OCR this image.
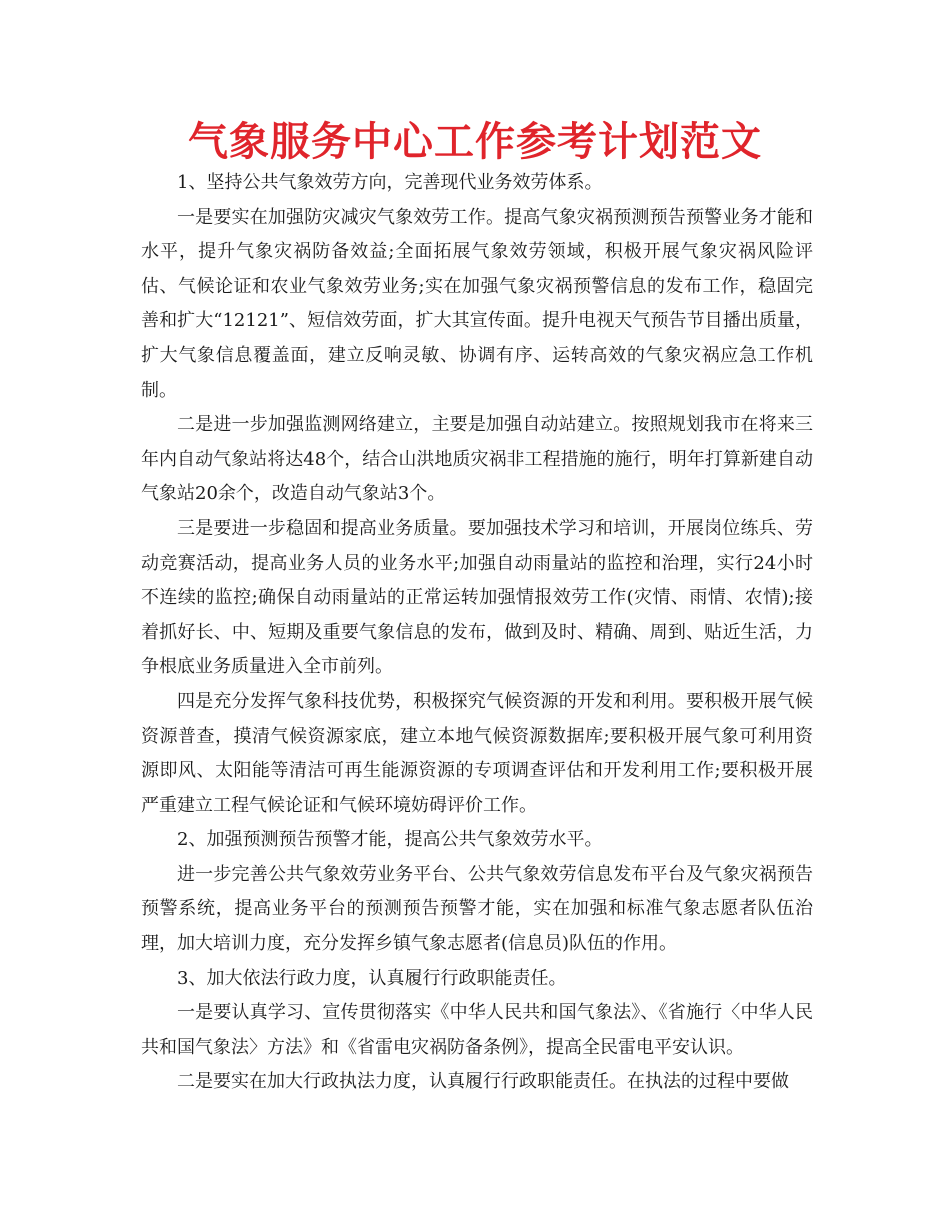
气象服务中心工作参考计划范文

1、坚持公共气象效劳方向，完善现代业务效劳体系。

一是要实在加强防灾减灾气象效劳工作。提高气象灾祸预测预告预警业务才能和水平，提升气象灾祸防备效益;全面拓展气象效劳领域，积极开展气象灾祸风险评估、气候论证和农业气象效劳业务;实在加强气象灾祸预警信息的发布工作，稳固完善和扩大“12121”、短信效劳面，扩大其宣传面。提升电视天气预告节目播出质量，扩大气象信息覆盖面，建立反响灵敏、协调有序、运转高效的气象灾祸应急工作机制。

二是进一步加强监测网络建立，主要是加强自动站建立。按照规划我市在将来三年内自动气象站将达48个，结合山洪地质灾祸非工程措施的施行，明年打算新建自动气象站20余个，改造自动气象站3个。

三是要进一步稳固和提高业务质量。要加强技术学习和培训，开展岗位练兵、劳动竞赛活动，提高业务人员的业务水平;加强自动雨量站的监控和治理，实行24小时不连续的监控;确保自动雨量站的正常运转加强情报效劳工作(灾情、雨情、农情);接着抓好长、中、短期及重要气象信息的发布，做到及时、精确、周到、贴近生活，力争根底业务质量进入全市前列。

四是充分发挥气象科技优势，积极探究气候资源的开发和利用。要积极开展气候资源普查，摸清气候资源家底，建立本地气候资源数据库;要积极开展气象可利用资源即风、太阳能等清洁可再生能源资源的专项调查评估和开发利用工作;要积极开展严重建立工程气候论证和气候环境妨碍评价工作。

2、加强预测预告预警才能，提高公共气象效劳水平。

进一步完善公共气象效劳业务平台、公共气象效劳信息发布平台及气象灾祸预告预警系统，提高业务平台的预测预告预警才能，实在加强和标准气象志愿者队伍治理，加大培训力度，充分发挥乡镇气象志愿者(信息员)队伍的作用。

3、加大依法行政力度，认真履行行政职能责任。

一是要认真学习、宣传贯彻落实《中华人民共和国气象法》、《省施行〈中华人民共和国气象法〉方法》和《省雷电灾祸防备条例》，提高全民雷电平安认识。

二是要实在加大行政执法力度，认真履行行政职能责任。在执法的过程中要做
